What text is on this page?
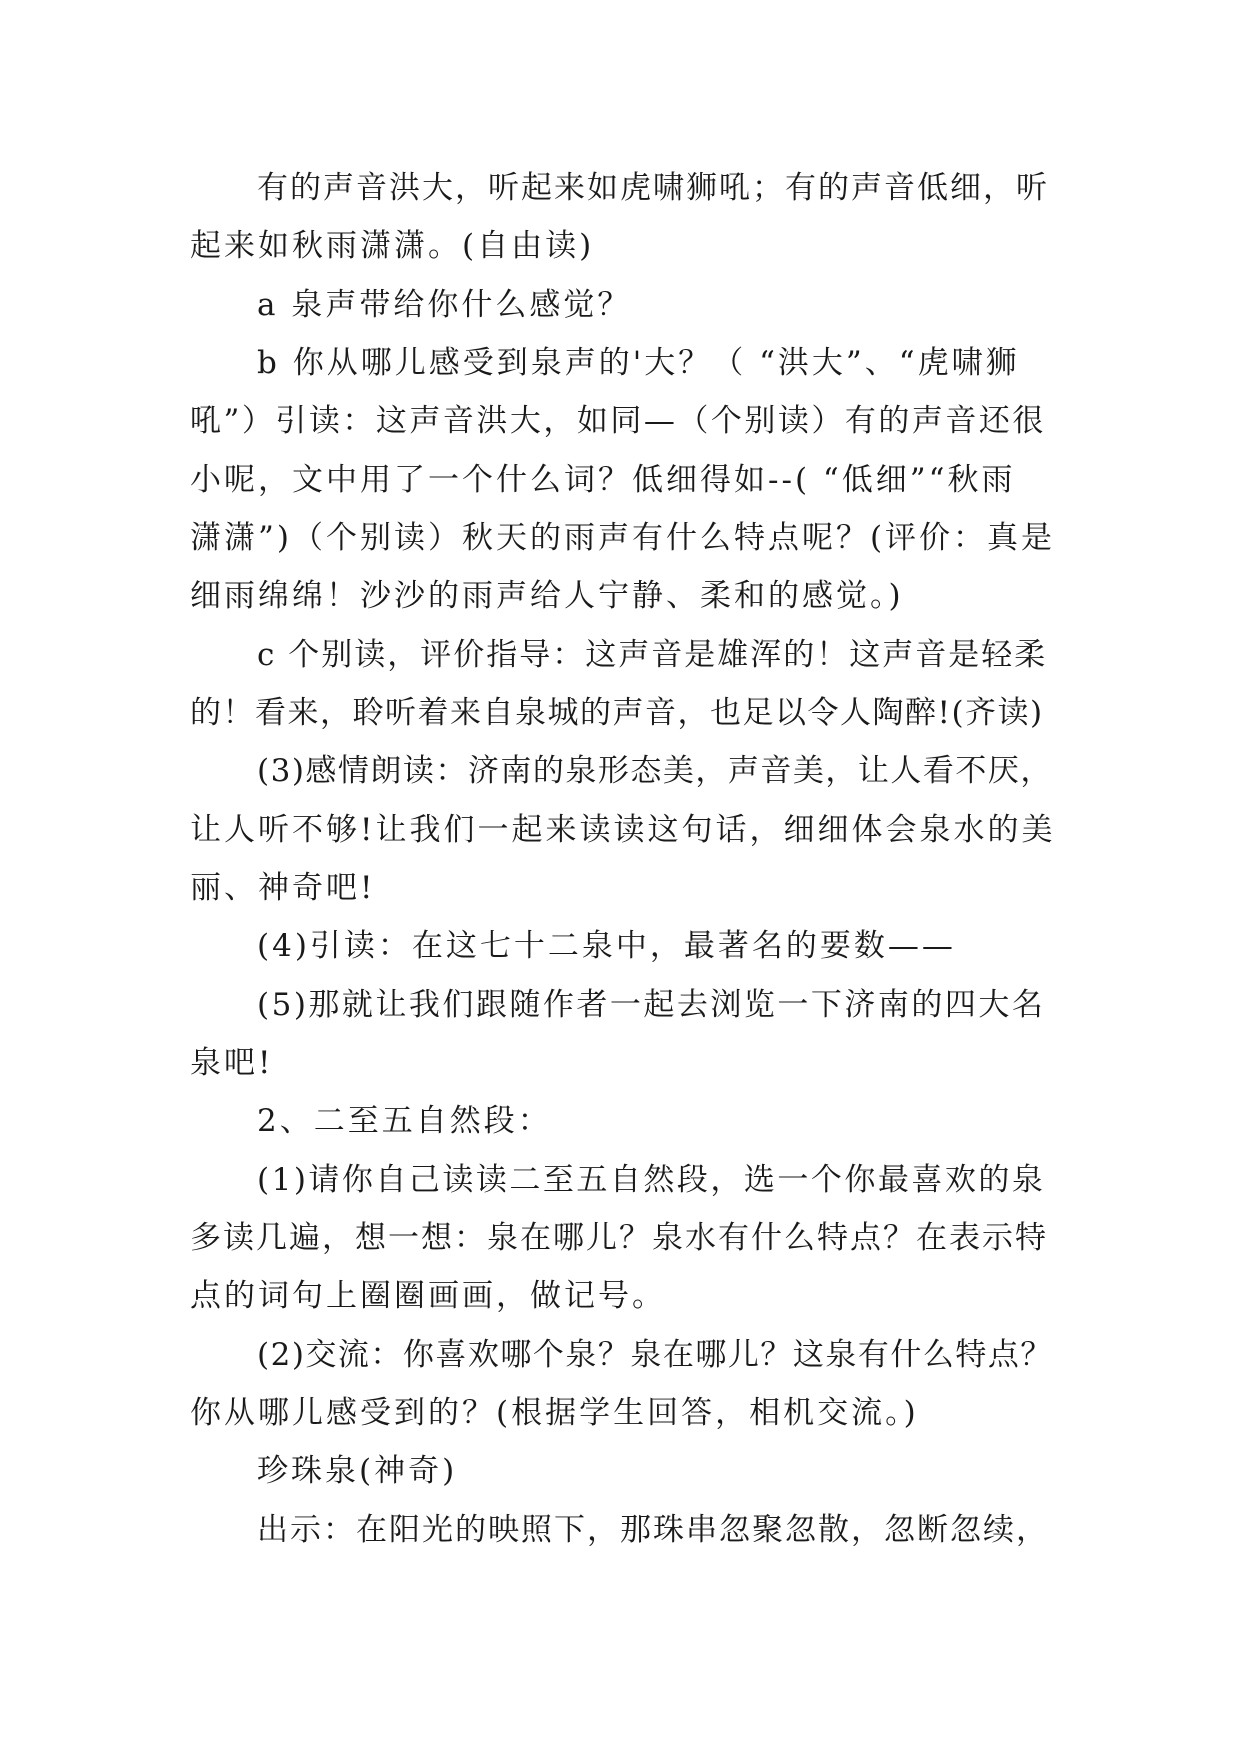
有的声音洪大，听起来如虎啸狮吼；有的声音低细，听

起来如秋雨潇潇。(自由读)

a 泉声带给你什么感觉？

b 你从哪儿感受到泉声的'大？（ “洪大”、“虎啸狮

吼”）引读：这声音洪大，如同—（个别读）有的声音还很

小呢，文中用了一个什么词？低细得如--( “低细”“秋雨

潇潇”)（个别读）秋天的雨声有什么特点呢？(评价：真是

细雨绵绵！沙沙的雨声给人宁静、柔和的感觉。)

c 个别读，评价指导：这声音是雄浑的！这声音是轻柔

的！看来，聆听着来自泉城的声音，也足以令人陶醉!(齐读)

(3)感情朗读：济南的泉形态美，声音美，让人看不厌，

让人听不够!让我们一起来读读这句话，细细体会泉水的美

丽、神奇吧!

(4)引读：在这七十二泉中，最著名的要数——

(5)那就让我们跟随作者一起去浏览一下济南的四大名

泉吧!

2、二至五自然段：

(1)请你自己读读二至五自然段，选一个你最喜欢的泉

多读几遍，想一想：泉在哪儿？泉水有什么特点？在表示特

点的词句上圈圈画画，做记号。

(2)交流：你喜欢哪个泉？泉在哪儿？这泉有什么特点？

你从哪儿感受到的？(根据学生回答，相机交流。)

珍珠泉(神奇)

出示：在阳光的映照下，那珠串忽聚忽散，忽断忽续，
